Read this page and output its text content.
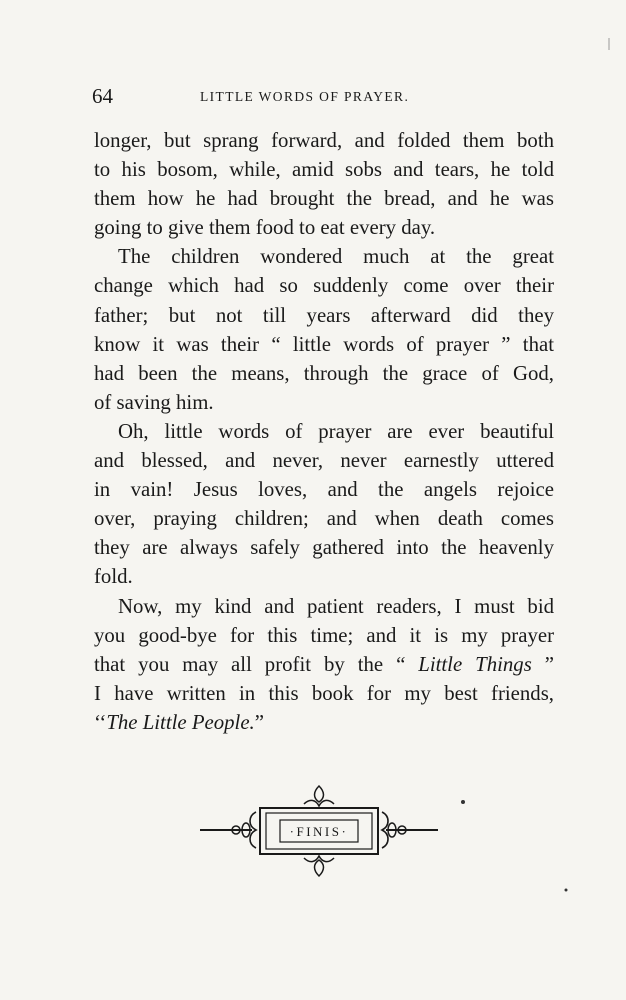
64	LITTLE WORDS OF PRAYER.

longer, but sprang forward, and folded them both
to his bosom, while, amid sobs and tears, he told
them how he had brought the bread, and he was
going to give them food to eat every day.

The children wondered much at the great
change which had so suddenly come over their
father; but not till years afterward did they
know it was their “ little words of prayer ” that
had been the means, through the grace of God,
of saving him.

Oh, little words of prayer are ever beautiful
and blessed, and never, never earnestly uttered
in vain! Jesus loves, and the angels rejoice
over, praying children; and when death comes
they are always safely gathered into the heavenly
fold.

Now, my kind and patient readers, I must bid
you good-bye for this time; and it is my prayer
that you may all profit by the “ Little Things ”
I have written in this book for my best friends,
‘‘The Little People.”

·FINIS·
